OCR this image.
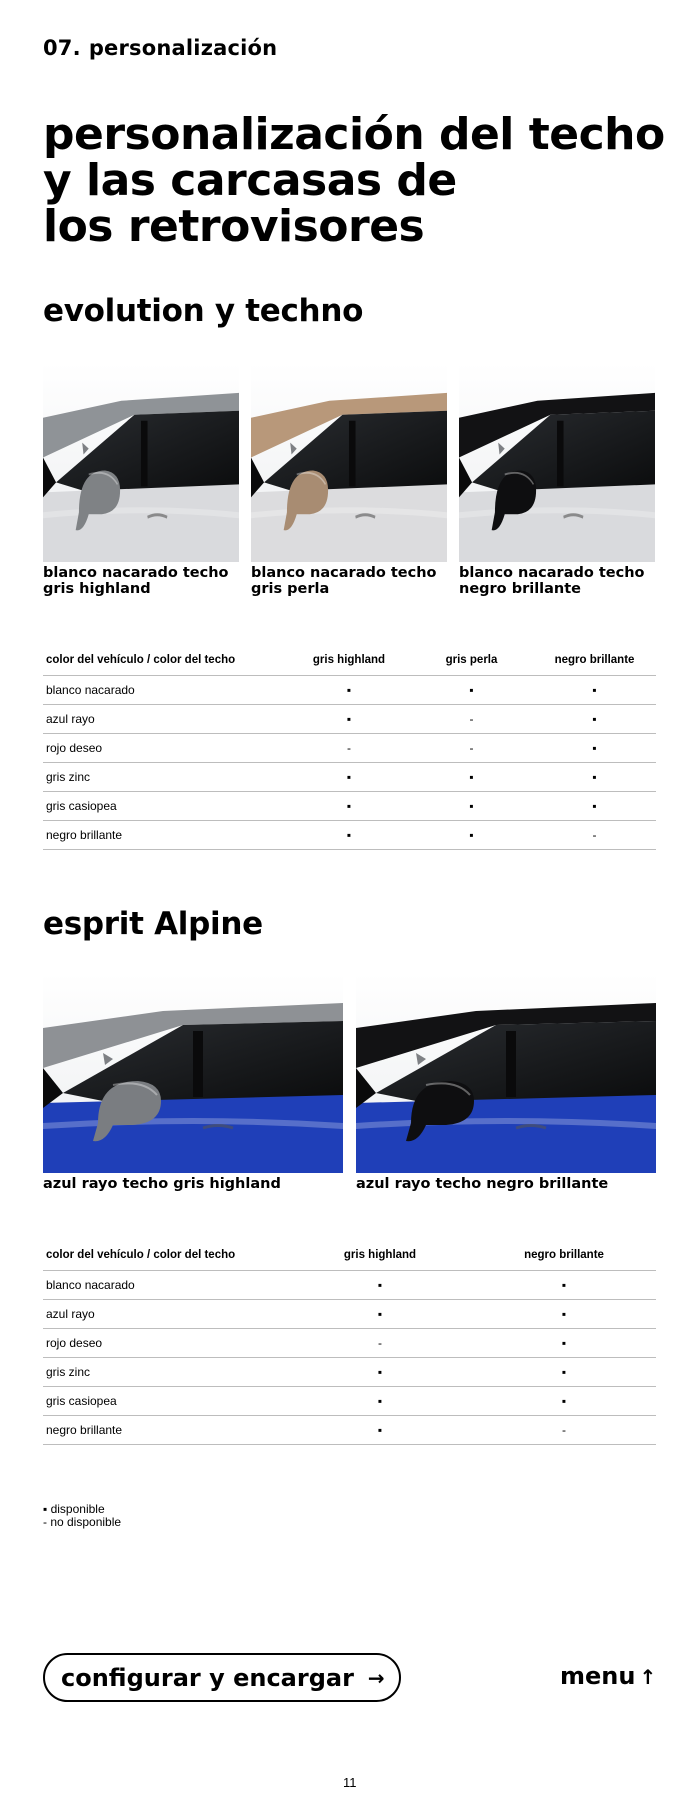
07. personalización
personalización del techo
y las carcasas de
los retrovisores
evolution y techno
blanco nacarado techo
gris highland
blanco nacarado techo
gris perla
blanco nacarado techo
negro brillante
color del vehículo / color del techo	gris highland	gris perla	negro brillante
blanco nacarado	▪	▪	▪
azul rayo	▪	-	▪
rojo deseo	-	-	▪
gris zinc	▪	▪	▪
gris casiopea	▪	▪	▪
negro brillante	▪	▪	-
esprit Alpine
azul rayo techo gris highland	azul rayo techo negro brillante
color del vehículo / color del techo	gris highland	negro brillante
blanco nacarado	▪	▪
azul rayo	▪	▪
rojo deseo	-	▪
gris zinc	▪	▪
gris casiopea	▪	▪
negro brillante	▪	-
▪ disponible
- no disponible
configurar y encargar →	menu ↑
11
